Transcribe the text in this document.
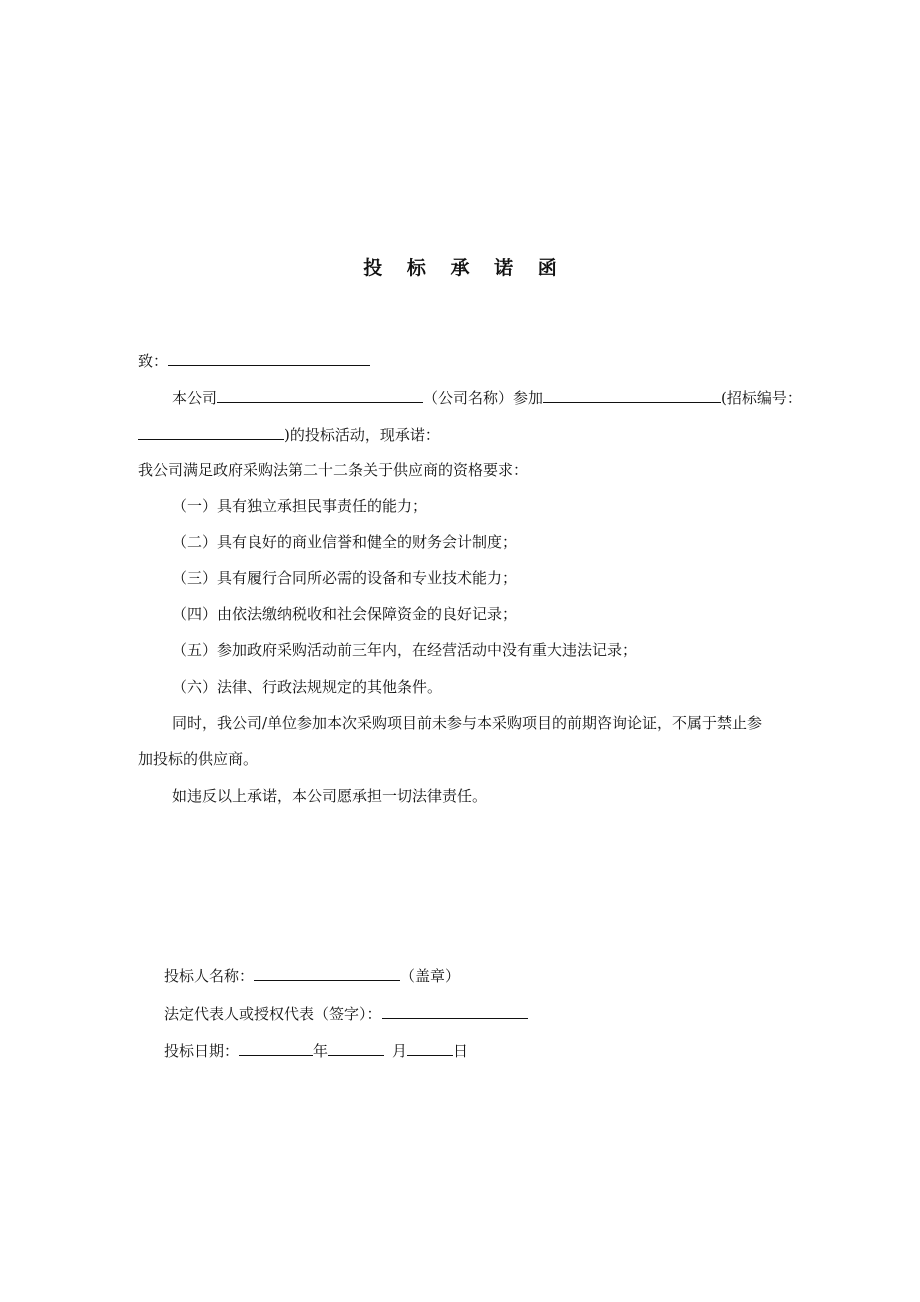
投 标 承 诺 函
致：
本公司	（公司名称）参加	(招标编号：
)的投标活动，现承诺：
我公司满足政府采购法第二十二条关于供应商的资格要求：
（一）具有独立承担民事责任的能力；
（二）具有良好的商业信誉和健全的财务会计制度；
（三）具有履行合同所必需的设备和专业技术能力；
（四）由依法缴纳税收和社会保障资金的良好记录；
（五）参加政府采购活动前三年内，在经营活动中没有重大违法记录；
（六）法律、行政法规规定的其他条件。
同时，我公司/单位参加本次采购项目前未参与本采购项目的前期咨询论证，不属于禁止参
加投标的供应商。
如违反以上承诺，本公司愿承担一切法律责任。
投标人名称：	（盖章）
法定代表人或授权代表（签字）：
投标日期：	年	月	日
